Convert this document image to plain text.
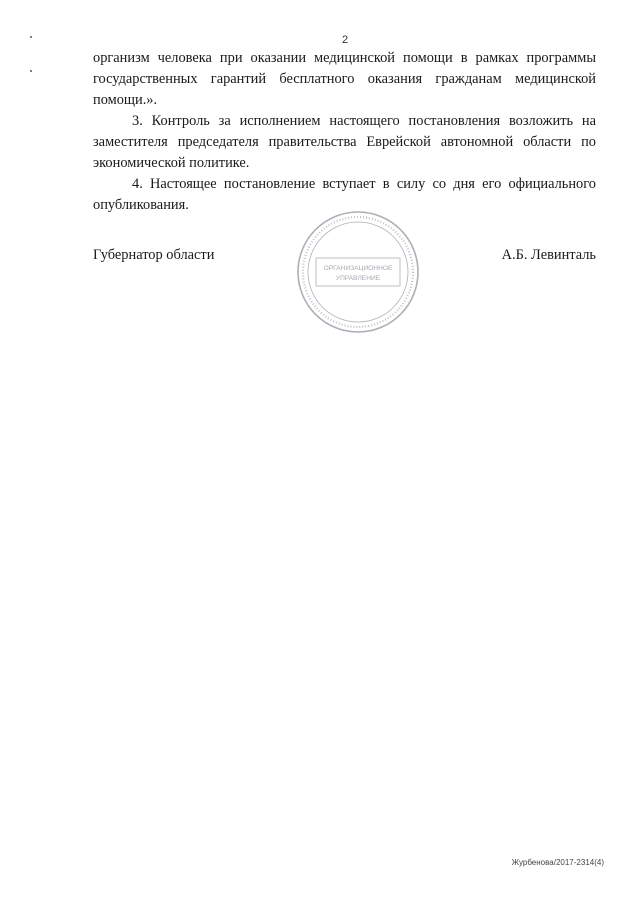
2

организм человека при оказании медицинской помощи в рамках программы государственных гарантий бесплатного оказания гражданам медицинской помощи.».

3. Контроль за исполнением настоящего постановления возложить на заместителя председателя правительства Еврейской автономной области по экономической политике.

4. Настоящее постановление вступает в силу со дня его официального опубликования.

Губернатор области	А.Б. Левинталь
ОРГАНИЗАЦИОННОЕ
УПРАВЛЕНИЕ
Журбенова/2017-2314(4)
